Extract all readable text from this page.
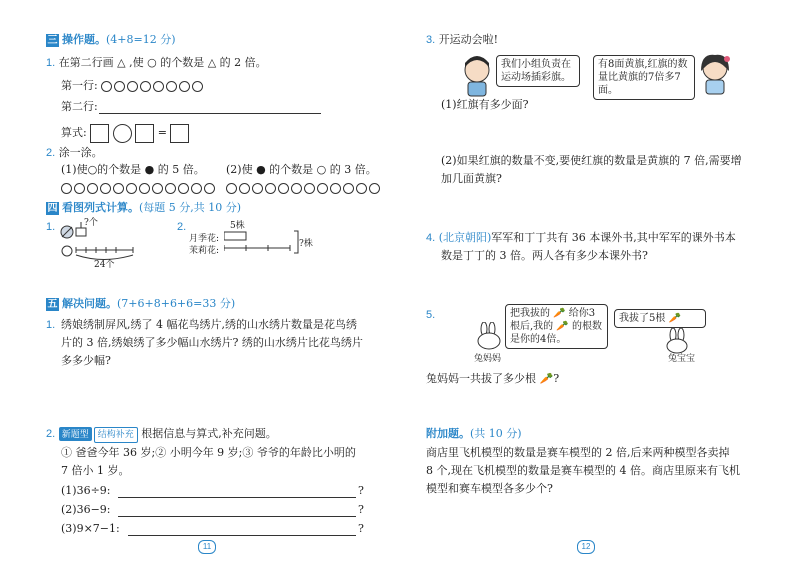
三 操作题。(4+8=12 分)
1. 在第二行画 △ ,使 ○ 的个数是 △ 的 2 倍。
第一行:
第二行:
算式:	=
2. 涂一涂。
(1)使○的个数是 ● 的 5 倍。 (2)使 ● 的个数是 ○ 的 3 倍。
四 看图列式计算。(每题 5 分,共 10 分)
1.	?个
24个
2.	5株
月季花:
茉莉花:
?株
五 解决问题。(7+6+8+6+6=33 分)
1. 绣娘绣制屏风,绣了 4 幅花鸟绣片,绣的山水绣片数量是花鸟绣
片的 3 倍,绣娘绣了多少幅山水绣片? 绣的山水绣片比花鸟绣片
多多少幅?
2. 新题型 结构补充 根据信息与算式,补充问题。
① 爸爸今年 36 岁;② 小明今年 9 岁;③ 爷爷的年龄比小明的
7 倍小 1 岁。
(1)36÷9:	?
(2)36−9:	?
(3)9×7−1:	?
11
3. 开运动会啦!
我们小组负责在运动场插彩旗。
有8面黄旗,红旗的数量比黄旗的7倍多7面。
(1)红旗有多少面?
(2)如果红旗的数量不变,要使红旗的数量是黄旗的 7 倍,需要增
加几面黄旗?
4. (北京朝阳)军军和丁丁共有 36 本课外书,其中军军的课外书本
数是丁丁的 3 倍。两人各有多少本课外书?
5.	把我拔的 🥕 给你3根后,我的 🥕 的根数是你的4倍。
我拔了5根 🥕
兔妈妈	兔宝宝
兔妈妈一共拔了多少根 🥕?
附加题。(共 10 分)
商店里飞机模型的数量是赛车模型的 2 倍,后来两种模型各卖掉
8 个,现在飞机模型的数量是赛车模型的 4 倍。商店里原来有飞机
模型和赛车模型各多少个?
12
